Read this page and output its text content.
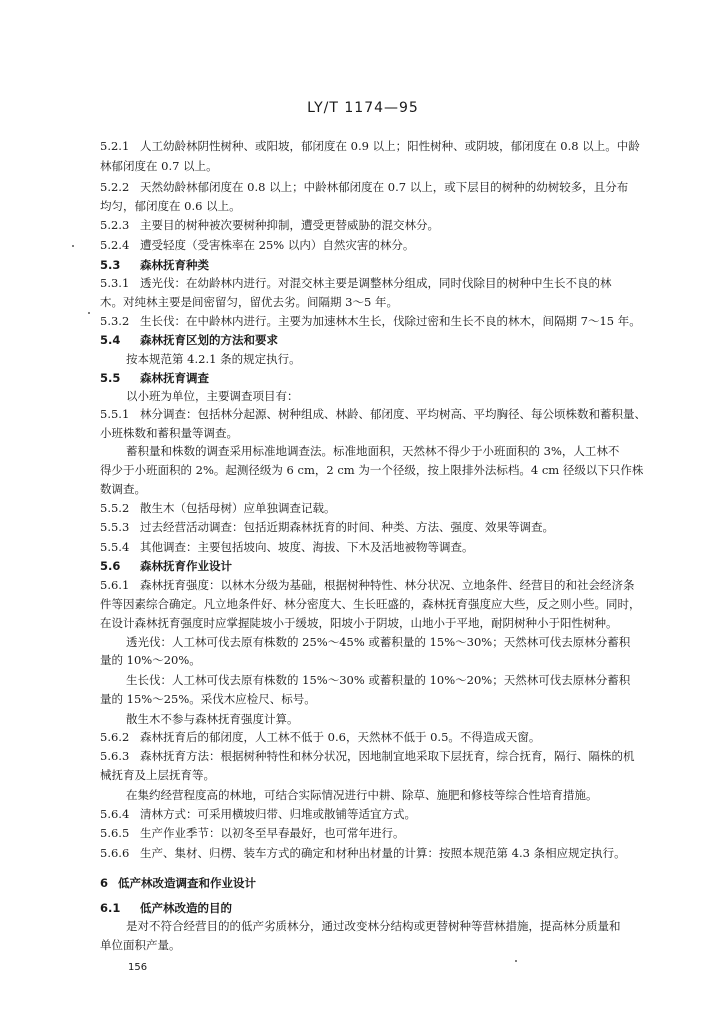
LY/T 1174—95
5.2.1 人工幼龄林阴性树种、或阳坡，郁闭度在 0.9 以上；阳性树种、或阴坡，郁闭度在 0.8 以上。中龄
林郁闭度在 0.7 以上。
5.2.2 天然幼龄林郁闭度在 0.8 以上；中龄林郁闭度在 0.7 以上，或下层目的树种的幼树较多，且分布
均匀，郁闭度在 0.6 以上。
5.2.3 主要目的树种被次要树种抑制，遭受更替威胁的混交林分。
5.2.4 遭受轻度（受害株率在 25% 以内）自然灾害的林分。
5.3 森林抚育种类
5.3.1 透光伐：在幼龄林内进行。对混交林主要是调整林分组成，同时伐除目的树种中生长不良的林
木。对纯林主要是间密留匀，留优去劣。间隔期 3～5 年。
5.3.2 生长伐：在中龄林内进行。主要为加速林木生长，伐除过密和生长不良的林木，间隔期 7～15 年。
5.4 森林抚育区划的方法和要求
按本规范第 4.2.1 条的规定执行。
5.5 森林抚育调查
以小班为单位，主要调查项目有：
5.5.1 林分调查：包括林分起源、树种组成、林龄、郁闭度、平均树高、平均胸径、每公顷株数和蓄积量、
小班株数和蓄积量等调查。
蓄积量和株数的调查采用标准地调查法。标准地面积，天然林不得少于小班面积的 3%，人工林不
得少于小班面积的 2%。起测径级为 6 cm，2 cm 为一个径级，按上限排外法标档。4 cm 径级以下只作株
数调查。
5.5.2 散生木（包括母树）应单独调查记载。
5.5.3 过去经营活动调查：包括近期森林抚育的时间、种类、方法、强度、效果等调查。
5.5.4 其他调查：主要包括坡向、坡度、海拔、下木及活地被物等调查。
5.6 森林抚育作业设计
5.6.1 森林抚育强度：以林木分级为基础，根据树种特性、林分状况、立地条件、经营目的和社会经济条
件等因素综合确定。凡立地条件好、林分密度大、生长旺盛的，森林抚育强度应大些，反之则小些。同时，
在设计森林抚育强度时应掌握陡坡小于缓坡，阳坡小于阴坡，山地小于平地，耐阴树种小于阳性树种。
透光伐：人工林可伐去原有株数的 25%～45% 或蓄积量的 15%～30%；天然林可伐去原林分蓄积
量的 10%～20%。
生长伐：人工林可伐去原有株数的 15%～30% 或蓄积量的 10%～20%；天然林可伐去原林分蓄积
量的 15%～25%。采伐木应检尺、标号。
散生木不参与森林抚育强度计算。
5.6.2 森林抚育后的郁闭度，人工林不低于 0.6，天然林不低于 0.5。不得造成天窗。
5.6.3 森林抚育方法：根据树种特性和林分状况，因地制宜地采取下层抚育，综合抚育，隔行、隔株的机
械抚育及上层抚育等。
在集约经营程度高的林地，可结合实际情况进行中耕、除草、施肥和修枝等综合性培育措施。
5.6.4 清林方式：可采用横坡归带、归堆或散铺等适宜方式。
5.6.5 生产作业季节：以初冬至早春最好，也可常年进行。
5.6.6 生产、集材、归楞、装车方式的确定和材种出材量的计算：按照本规范第 4.3 条相应规定执行。
6 低产林改造调查和作业设计
6.1 低产林改造的目的
是对不符合经营目的的低产劣质林分，通过改变林分结构或更替树种等营林措施，提高林分质量和
单位面积产量。
156
